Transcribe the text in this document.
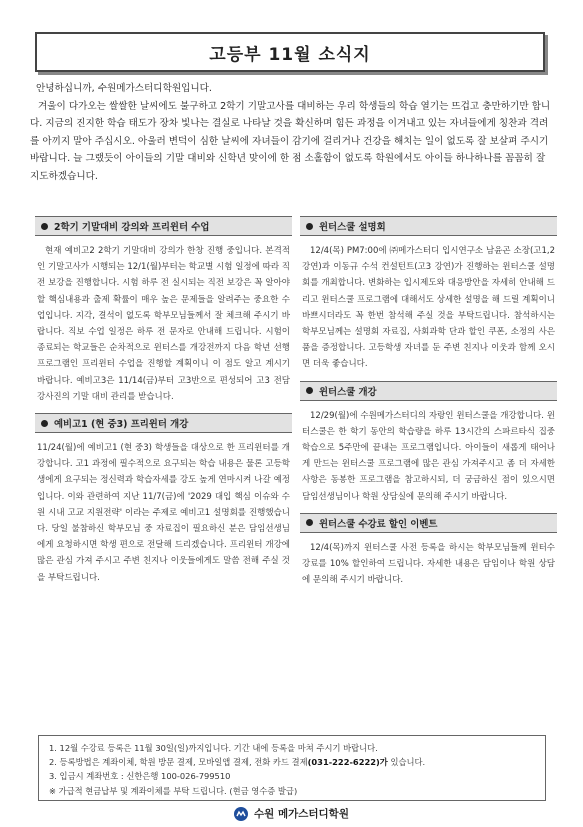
고등부 11월 소식지

안녕하십니까, 수원메가스터디학원입니다.

겨울이 다가오는 쌀쌀한 날씨에도 불구하고 2학기 기말고사를 대비하는 우리 학생들의 학습 열기는 뜨겁고 충만하기만 합니다. 지금의 진지한 학습 태도가 장차 빛나는 결실로 나타날 것을 확신하며 힘든 과정을 이겨내고 있는 자녀들에게 칭찬과 격려를 아끼지 말아 주십시오. 아울러 변덕이 심한 날씨에 자녀들이 감기에 걸리거나 건강을 해치는 일이 없도록 잘 보살펴 주시기 바랍니다. 늘 그랬듯이 아이들의 기말 대비와 신학년 맞이에 한 점 소홀함이 없도록 학원에서도 아이들 하나하나를 꼼꼼히 잘 지도하겠습니다.

2학기 기말대비 강의와 프리윈터 수업
현재 예비고2 2학기 기말대비 강의가 한창 진행 중입니다. 본격적인 기말고사가 시행되는 12/1(월)부터는 학교별 시험 일정에 따라 직전 보강을 진행합니다. 시험 하루 전 실시되는 직전 보강은 꼭 알아야 할 핵심내용과 출제 확률이 매우 높은 문제들을 알려주는 중요한 수업입니다. 지각, 결석이 없도록 학부모님들께서 잘 체크해 주시기 바랍니다. 직보 수업 일정은 하루 전 문자로 안내해 드립니다. 시험이 종료되는 학교들은 순차적으로 윈터스를 개강전까지 다음 학년 선행 프로그램인 프리윈터 수업을 진행할 계획이니 이 점도 알고 계시기 바랍니다. 예비고3은 11/14(금)부터 고3반으로 편성되어 고3 전담 강사진의 기말 대비 관리를 받습니다.
예비고1 (현 중3) 프리윈터 개강
11/24(월)에 예비고1 (현 중3) 학생들을 대상으로 한 프리윈터를 개강합니다. 고1 과정에 필수적으로 요구되는 학습 내용은 물론 고등학생에게 요구되는 정신력과 학습자세를 강도 높게 연마시켜 나갈 예정입니다. 이와 관련하여 지난 11/7(금)에 '2029 대입 핵심 이슈와 수원 시내 고교 지원전략' 이라는 주제로 예비고1 설명회를 진행했습니다. 당일 불참하신 학부모님 중 자료집이 필요하신 분은 담임선생님에게 요청하시면 학생 편으로 전달해 드리겠습니다. 프리윈터 개강에 많은 관심 가져 주시고 주변 친지나 이웃들에게도 말씀 전해 주실 것을 부탁드립니다.
윈터스쿨 설명회
12/4(목) PM7:00에 ㈜메가스터디 입시연구소 남윤곤 소장(고1,2 강연)과 이동규 수석 컨설턴트(고3 강연)가 진행하는 윈터스쿨 설명회를 개최합니다. 변화하는 입시제도와 대응방안을 자세히 안내해 드리고 윈터스쿨 프로그램에 대해서도 상세한 설명을 해 드릴 계획이니 바쁘시더라도 꼭 한번 참석해 주실 것을 부탁드립니다. 참석하시는 학부모님께는 설명회 자료집, 사회과학 단과 할인 쿠폰, 소정의 사은품을 증정합니다. 고등학생 자녀를 둔 주변 친지나 이웃과 함께 오시면 더욱 좋습니다.
윈터스쿨 개강
12/29(월)에 수원메가스터디의 자랑인 윈터스쿨을 개강합니다. 윈터스쿨은 한 학기 동안의 학습량을 하루 13시간의 스파르타식 집중 학습으로 5주만에 끝내는 프로그램입니다. 아이들이 새롭게 태어나게 만드는 윈터스쿨 프로그램에 많은 관심 가져주시고 좀 더 자세한 사항은 동봉한 프로그램을 참고하시되, 더 궁금하신 점이 있으시면 담임선생님이나 학원 상담실에 문의해 주시기 바랍니다.
윈터스쿨 수강료 할인 이벤트
12/4(목)까지 윈터스쿨 사전 등록을 하시는 학부모님들께 윈터수강료를 10% 할인하여 드립니다. 자세한 내용은 담임이나 학원 상담에 문의해 주시기 바랍니다.
1. 12월 수강료 등록은 11월 30일(일)까지입니다. 기간 내에 등록을 마쳐 주시기 바랍니다.
2. 등록방법은 계좌이체, 학원 방문 결제, 모바일앱 결제, 전화 카드 결제(031-222-6222)가 있습니다.
3. 입금시 계좌번호 : 신한은행 100-026-799510
※ 가급적 현금납부 및 계좌이체를 부탁 드립니다. (현금 영수증 발급)
수원 메가스터디학원
